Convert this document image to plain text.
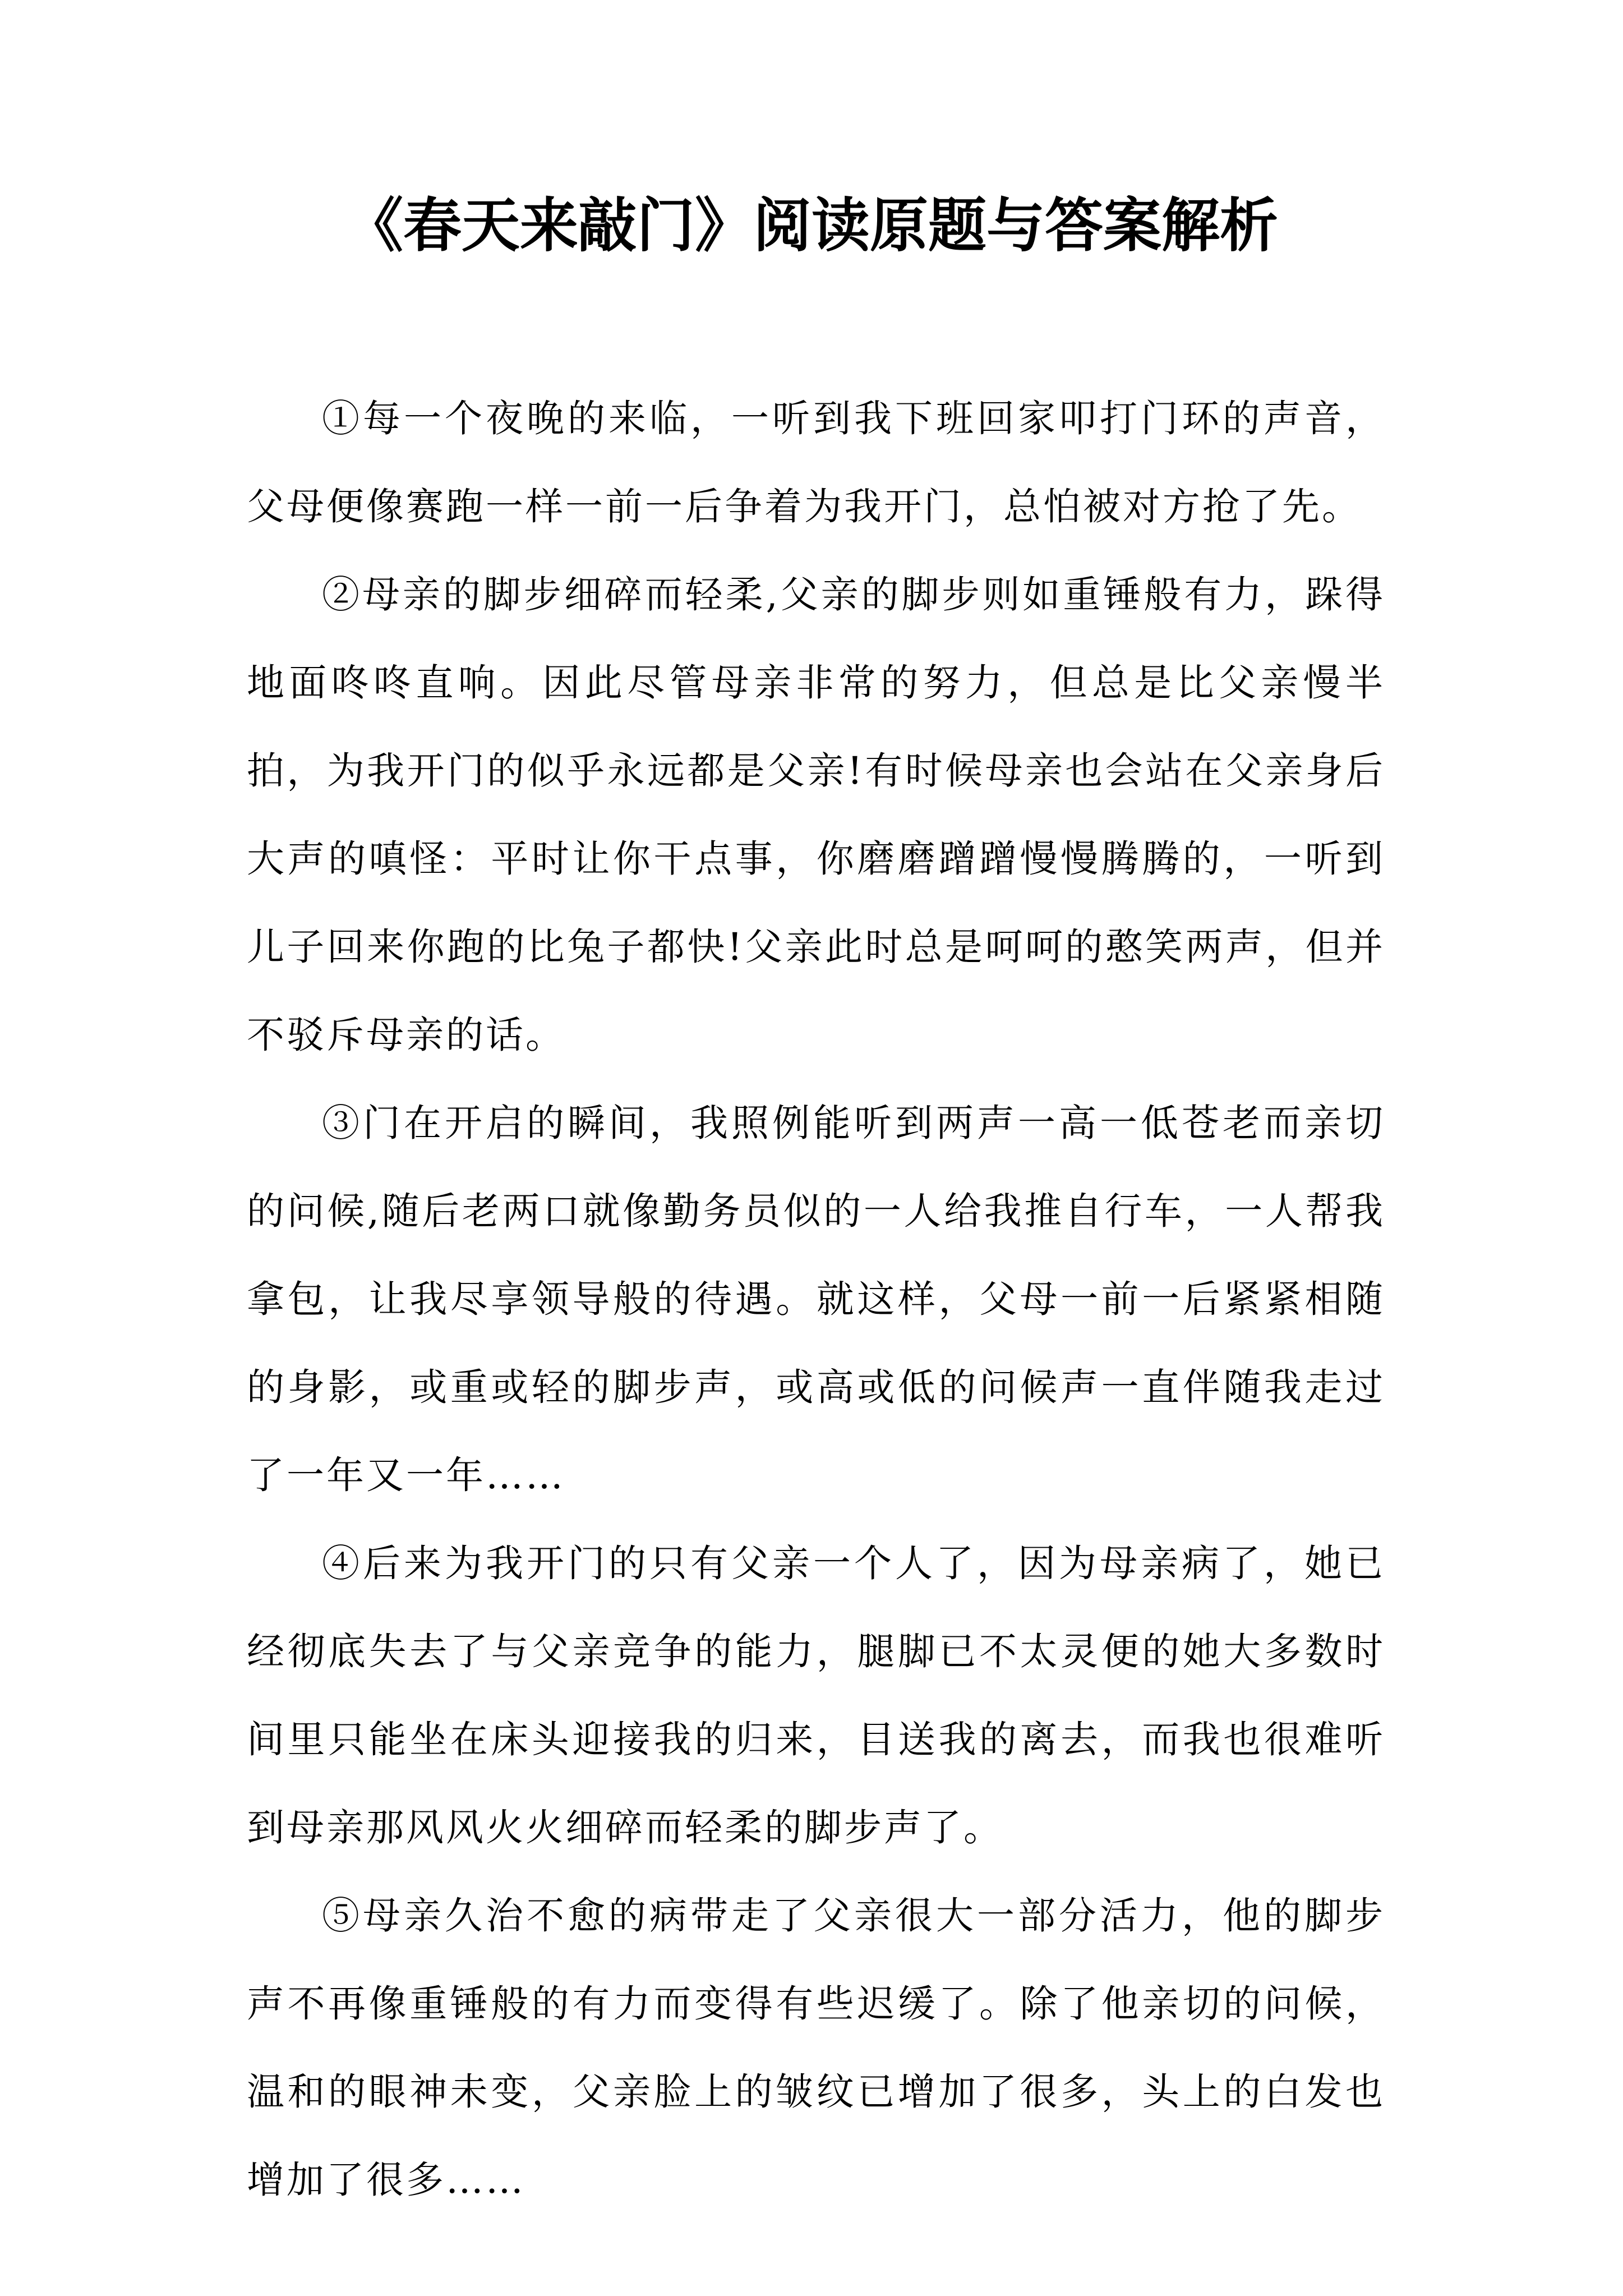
《春天来敲门》阅读原题与答案解析

①每一个夜晚的来临，一听到我下班回家叩打门环的声音，父母便像赛跑一样一前一后争着为我开门，总怕被对方抢了先。

②母亲的脚步细碎而轻柔,父亲的脚步则如重锤般有力，跺得地面咚咚直响。因此尽管母亲非常的努力，但总是比父亲慢半拍，为我开门的似乎永远都是父亲!有时候母亲也会站在父亲身后大声的嗔怪：平时让你干点事，你磨磨蹭蹭慢慢腾腾的，一听到儿子回来你跑的比兔子都快!父亲此时总是呵呵的憨笑两声，但并不驳斥母亲的话。

③门在开启的瞬间，我照例能听到两声一高一低苍老而亲切的问候,随后老两口就像勤务员似的一人给我推自行车，一人帮我拿包，让我尽享领导般的待遇。就这样，父母一前一后紧紧相随的身影，或重或轻的脚步声，或高或低的问候声一直伴随我走过了一年又一年……

④后来为我开门的只有父亲一个人了，因为母亲病了，她已经彻底失去了与父亲竞争的能力，腿脚已不太灵便的她大多数时间里只能坐在床头迎接我的归来，目送我的离去，而我也很难听到母亲那风风火火细碎而轻柔的脚步声了。

⑤母亲久治不愈的病带走了父亲很大一部分活力，他的脚步声不再像重锤般的有力而变得有些迟缓了。除了他亲切的问候，温和的眼神未变，父亲脸上的皱纹已增加了很多，头上的白发也增加了很多……
